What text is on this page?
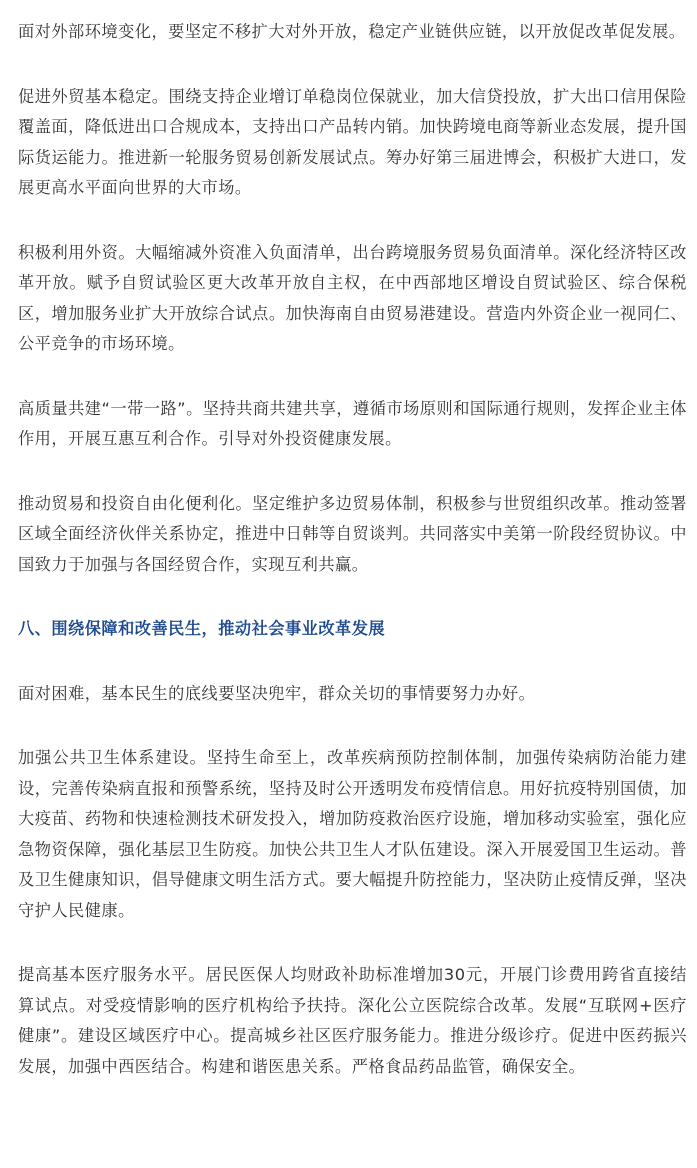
面对外部环境变化，要坚定不移扩大对外开放，稳定产业链供应链，以开放促改革促发展。

促进外贸基本稳定。围绕支持企业增订单稳岗位保就业，加大信贷投放，扩大出口信用保险覆盖面，降低进出口合规成本，支持出口产品转内销。加快跨境电商等新业态发展，提升国际货运能力。推进新一轮服务贸易创新发展试点。筹办好第三届进博会，积极扩大进口，发展更高水平面向世界的大市场。

积极利用外资。大幅缩减外资准入负面清单，出台跨境服务贸易负面清单。深化经济特区改革开放。赋予自贸试验区更大改革开放自主权，在中西部地区增设自贸试验区、综合保税区，增加服务业扩大开放综合试点。加快海南自由贸易港建设。营造内外资企业一视同仁、公平竞争的市场环境。

高质量共建“一带一路”。坚持共商共建共享，遵循市场原则和国际通行规则，发挥企业主体作用，开展互惠互利合作。引导对外投资健康发展。

推动贸易和投资自由化便利化。坚定维护多边贸易体制，积极参与世贸组织改革。推动签署区域全面经济伙伴关系协定，推进中日韩等自贸谈判。共同落实中美第一阶段经贸协议。中国致力于加强与各国经贸合作，实现互利共赢。

八、围绕保障和改善民生，推动社会事业改革发展

面对困难，基本民生的底线要坚决兜牢，群众关切的事情要努力办好。

加强公共卫生体系建设。坚持生命至上，改革疾病预防控制体制，加强传染病防治能力建设，完善传染病直报和预警系统，坚持及时公开透明发布疫情信息。用好抗疫特别国债，加大疫苗、药物和快速检测技术研发投入，增加防疫救治医疗设施，增加移动实验室，强化应急物资保障，强化基层卫生防疫。加快公共卫生人才队伍建设。深入开展爱国卫生运动。普及卫生健康知识，倡导健康文明生活方式。要大幅提升防控能力，坚决防止疫情反弹，坚决守护人民健康。

提高基本医疗服务水平。居民医保人均财政补助标准增加30元，开展门诊费用跨省直接结算试点。对受疫情影响的医疗机构给予扶持。深化公立医院综合改革。发展“互联网+医疗健康”。建设区域医疗中心。提高城乡社区医疗服务能力。推进分级诊疗。促进中医药振兴发展，加强中西医结合。构建和谐医患关系。严格食品药品监管，确保安全。
